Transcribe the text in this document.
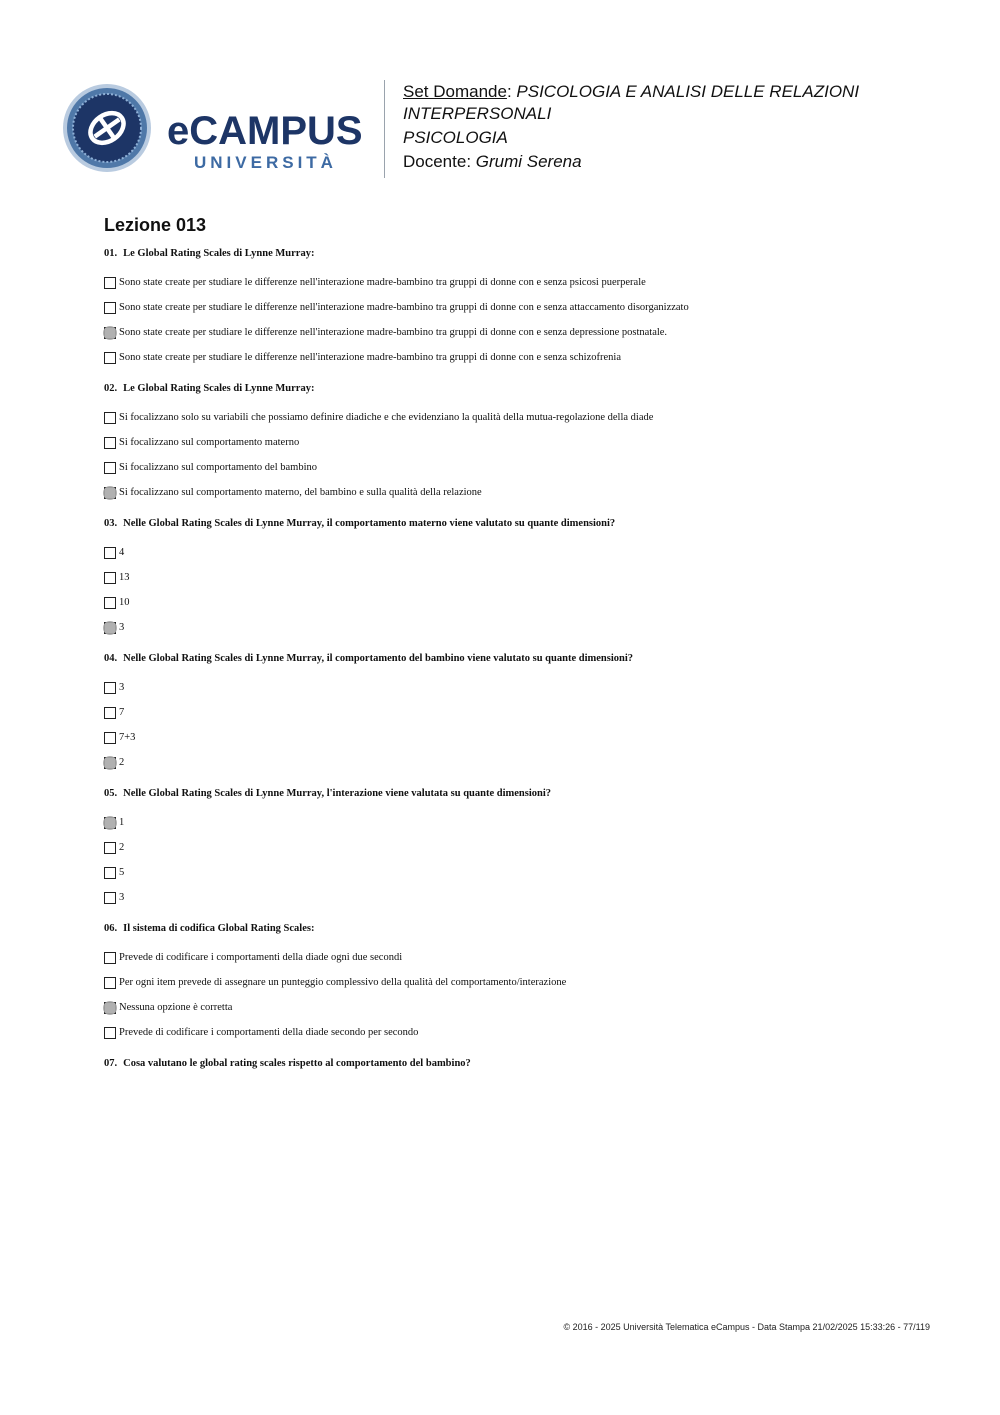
eCAMPUS
UNIVERSITÀ
Set Domande: PSICOLOGIA E ANALISI DELLE RELAZIONI INTERPERSONALI
PSICOLOGIA
Docente: Grumi Serena
Lezione 013
01. Le Global Rating Scales di Lynne Murray:
Sono state create per studiare le differenze nell'interazione madre-bambino tra gruppi di donne con e senza psicosi puerperale
Sono state create per studiare le differenze nell'interazione madre-bambino tra gruppi di donne con e senza attaccamento disorganizzato
Sono state create per studiare le differenze nell'interazione madre-bambino tra gruppi di donne con e senza depressione postnatale.
Sono state create per studiare le differenze nell'interazione madre-bambino tra gruppi di donne con e senza schizofrenia
02. Le Global Rating Scales di Lynne Murray:
Si focalizzano solo su variabili che possiamo definire diadiche e che evidenziano la qualità della mutua-regolazione della diade
Si focalizzano sul comportamento materno
Si focalizzano sul comportamento del bambino
Si focalizzano sul comportamento materno, del bambino e sulla qualità della relazione
03. Nelle Global Rating Scales di Lynne Murray, il comportamento materno viene valutato su quante dimensioni?
4
13
10
3
04. Nelle Global Rating Scales di Lynne Murray, il comportamento del bambino viene valutato su quante dimensioni?
3
7
7+3
2
05. Nelle Global Rating Scales di Lynne Murray, l'interazione viene valutata su quante dimensioni?
1
2
5
3
06. Il sistema di codifica Global Rating Scales:
Prevede di codificare i comportamenti della diade ogni due secondi
Per ogni item prevede di assegnare un punteggio complessivo della qualità del comportamento/interazione
Nessuna opzione è corretta
Prevede di codificare i comportamenti della diade secondo per secondo
07. Cosa valutano le global rating scales rispetto al comportamento del bambino?
© 2016 - 2025 Università Telematica eCampus - Data Stampa 21/02/2025 15:33:26 - 77/119
